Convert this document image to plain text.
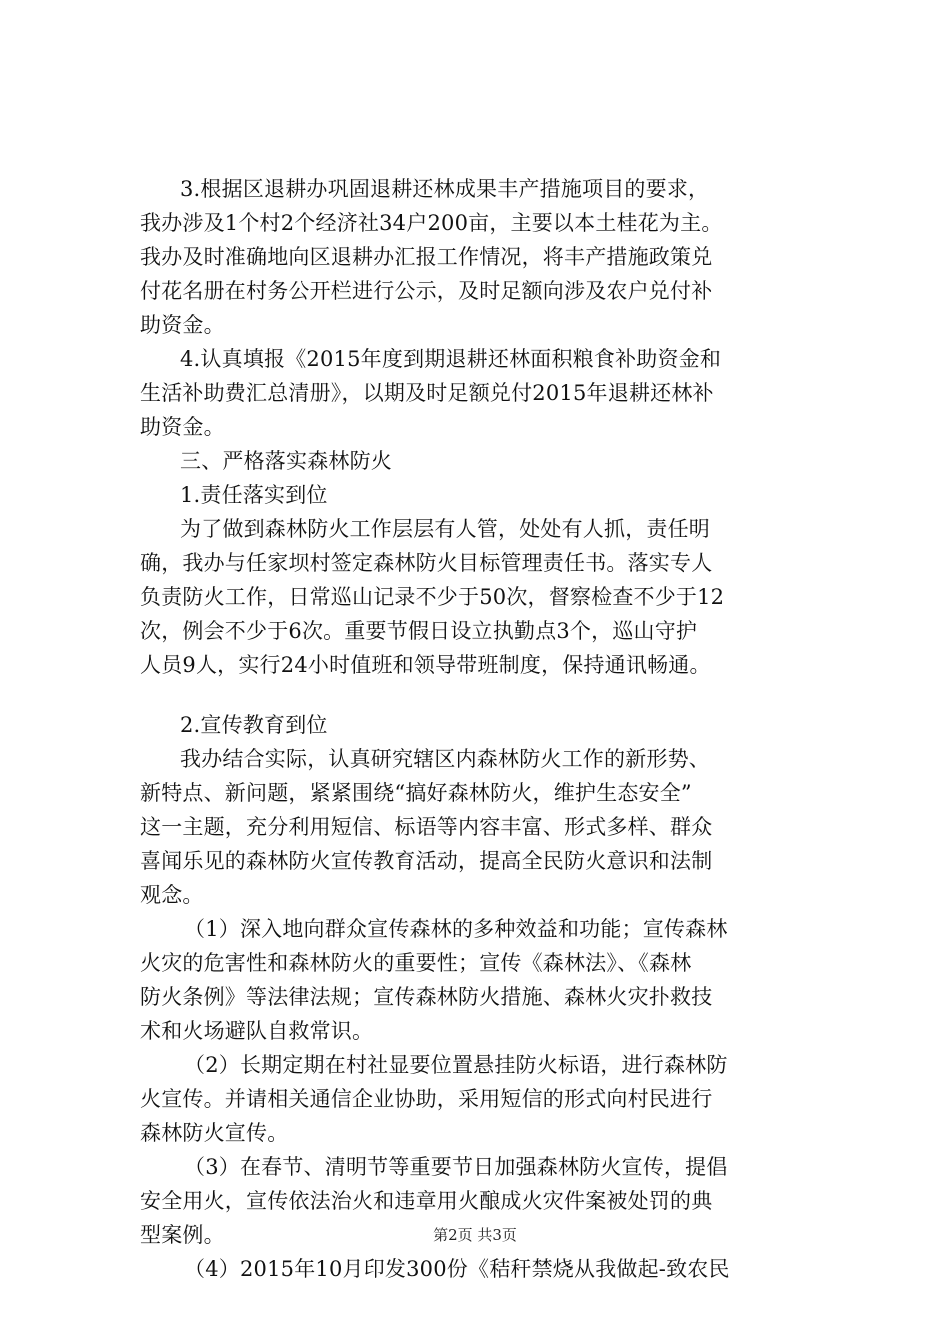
3.根据区退耕办巩固退耕还林成果丰产措施项目的要求，
我办涉及1个村2个经济社34户200亩，主要以本土桂花为主。
我办及时准确地向区退耕办汇报工作情况，将丰产措施政策兑
付花名册在村务公开栏进行公示，及时足额向涉及农户兑付补
助资金。
4.认真填报《2015年度到期退耕还林面积粮食补助资金和
生活补助费汇总清册》，以期及时足额兑付2015年退耕还林补
助资金。
三、严格落实森林防火
1.责任落实到位
为了做到森林防火工作层层有人管，处处有人抓，责任明
确，我办与任家坝村签定森林防火目标管理责任书。落实专人
负责防火工作，日常巡山记录不少于50次，督察检查不少于12
次，例会不少于6次。重要节假日设立执勤点3个，巡山守护
人员9人，实行24小时值班和领导带班制度，保持通讯畅通。
2.宣传教育到位
我办结合实际，认真研究辖区内森林防火工作的新形势、
新特点、新问题，紧紧围绕“搞好森林防火，维护生态安全”
这一主题，充分利用短信、标语等内容丰富、形式多样、群众
喜闻乐见的森林防火宣传教育活动，提高全民防火意识和法制
观念。
（1）深入地向群众宣传森林的多种效益和功能；宣传森林
火灾的危害性和森林防火的重要性；宣传《森林法》、《森林
防火条例》等法律法规；宣传森林防火措施、森林火灾扑救技
术和火场避队自救常识。
（2）长期定期在村社显要位置悬挂防火标语，进行森林防
火宣传。并请相关通信企业协助，采用短信的形式向村民进行
森林防火宣传。
（3）在春节、清明节等重要节日加强森林防火宣传，提倡
安全用火，宣传依法治火和违章用火酿成火灾件案被处罚的典
型案例。
（4）2015年10月印发300份《秸秆禁烧从我做起-致农民
第2页 共3页
